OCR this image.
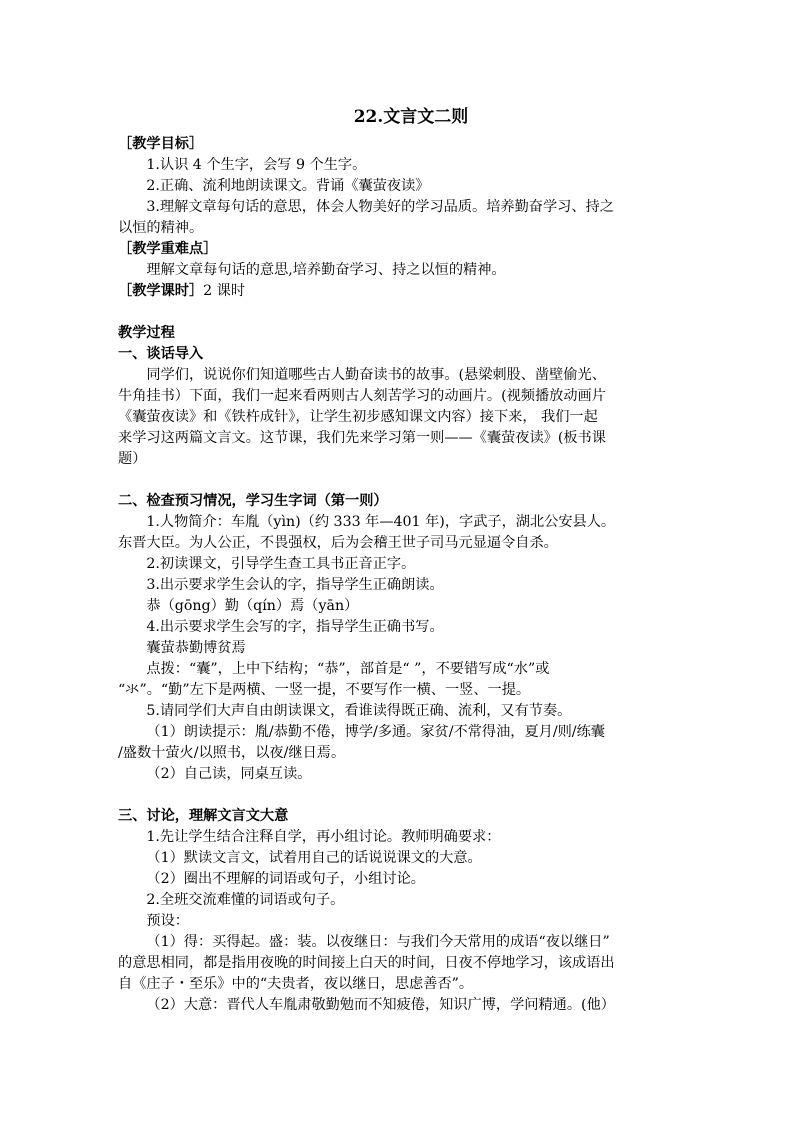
22.文言文二则

［教学目标］

1.认识 4 个生字，会写 9 个生字。

2.正确、流利地朗读课文。背诵《囊萤夜读》

3.理解文章每句话的意思，体会人物美好的学习品质。培养勤奋学习、持之

以恒的精神。

［教学重难点］

理解文章每句话的意思,培养勤奋学习、持之以恒的精神。

［教学课时］2 课时

教学过程

一、谈话导入

同学们，说说你们知道哪些古人勤奋读书的故事。(悬梁刺股、凿壁偷光、

牛角挂书）下面，我们一起来看两则古人刻苦学习的动画片。(视频播放动画片

《囊萤夜读》和《铁杵成针》，让学生初步感知课文内容）接下来， 我们一起

来学习这两篇文言文。这节课，我们先来学习第一则——《囊萤夜读》(板书课

题）

二、检查预习情况，学习生字词（第一则）

1.人物简介：车胤（yìn)（约 333 年—401 年)，字武子，湖北公安县人。

东晋大臣。为人公正，不畏强权，后为会稽王世子司马元显逼令自杀。

2.初读课文，引导学生查工具书正音正字。

3.出示要求学生会认的字，指导学生正确朗读。

恭（gōng）勤（qín）焉（yān）

4.出示要求学生会写的字，指导学生正确书写。

囊萤恭勤博贫焉

点拨：“囊”，上中下结构；“恭”，部首是“ ”，不要错写成“水”或

“氺”。“勤”左下是两横、一竖一提，不要写作一横、一竖、一提。

5.请同学们大声自由朗读课文，看谁读得既正确、流利，又有节奏。

（1）朗读提示：胤/恭勤不倦，博学/多通。家贫/不常得油，夏月/则/练囊

/盛数十萤火/以照书，以夜/继日焉。

（2）自己读，同桌互读。

三、讨论，理解文言文大意

1.先让学生结合注释自学，再小组讨论。教师明确要求：

（1）默读文言文，试着用自己的话说说课文的大意。

（2）圈出不理解的词语或句子，小组讨论。

2.全班交流难懂的词语或句子。

预设：

（1）得：买得起。盛：装。以夜继日：与我们今天常用的成语“夜以继日”

的意思相同，都是指用夜晚的时间接上白天的时间，日夜不停地学习，该成语出

自《庄子・至乐》中的“夫贵者，夜以继日，思虑善否”。

（2）大意：晋代人车胤肃敬勤勉而不知疲倦，知识广博，学问精通。(他）
